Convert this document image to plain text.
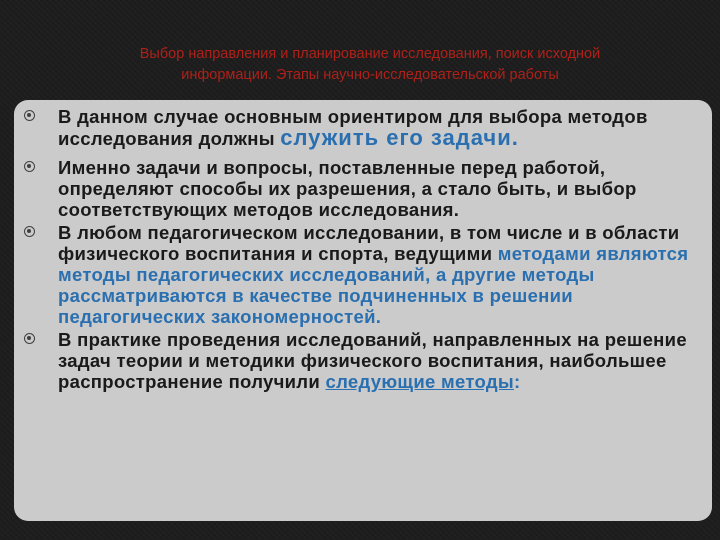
Выбор направления и планирование исследования, поиск исходной
информации. Этапы научно-исследовательской работы
В данном случае основным ориентиром для выбора методов исследования должны служить его задачи.
Именно задачи и вопросы, поставленные перед работой, определяют способы их разрешения, а стало быть, и выбор соответствующих методов исследования.
В любом педагогическом исследовании, в том числе и в области физического воспитания и спорта, ведущими методами являются методы педагогических исследований, а другие методы рассматриваются в качестве подчиненных в решении педагогических закономерностей.
В практике проведения исследований, направленных на решение задач теории и методики физического воспитания, наибольшее распространение получили следующие методы:
